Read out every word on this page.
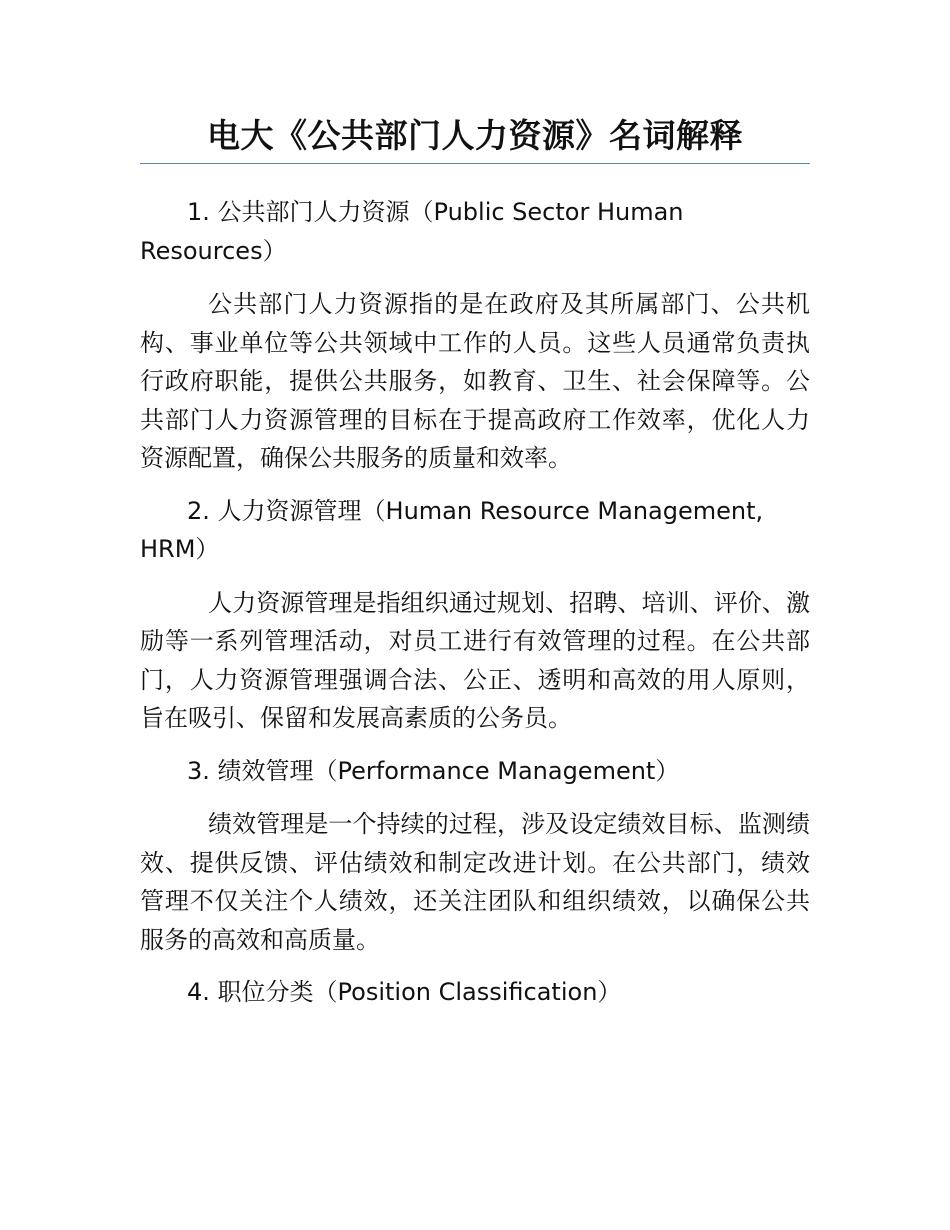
电大《公共部门人力资源》名词解释

1. 公共部门人力资源（Public Sector Human Resources）

公共部门人力资源指的是在政府及其所属部门、公共机构、事业单位等公共领域中工作的人员。这些人员通常负责执行政府职能，提供公共服务，如教育、卫生、社会保障等。公共部门人力资源管理的目标在于提高政府工作效率，优化人力资源配置，确保公共服务的质量和效率。

2. 人力资源管理（Human Resource Management, HRM）

人力资源管理是指组织通过规划、招聘、培训、评价、激励等一系列管理活动，对员工进行有效管理的过程。在公共部门，人力资源管理强调合法、公正、透明和高效的用人原则，旨在吸引、保留和发展高素质的公务员。

3. 绩效管理（Performance Management）

绩效管理是一个持续的过程，涉及设定绩效目标、监测绩效、提供反馈、评估绩效和制定改进计划。在公共部门，绩效管理不仅关注个人绩效，还关注团队和组织绩效，以确保公共服务的高效和高质量。

4. 职位分类（Position Classification）
